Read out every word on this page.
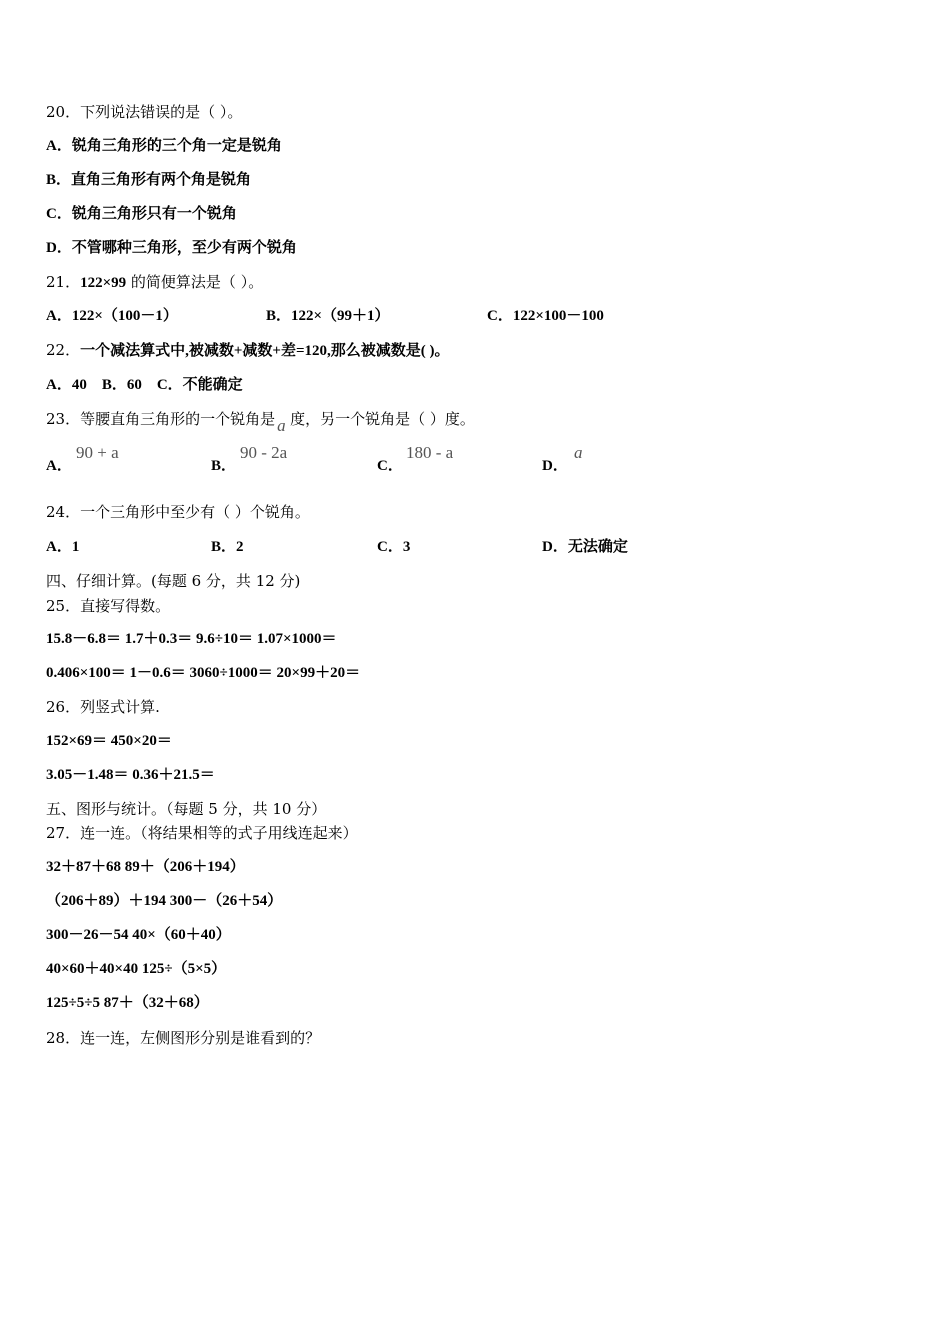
20．下列说法错误的是（ ）。
A．锐角三角形的三个角一定是锐角
B．直角三角形有两个角是锐角
C．锐角三角形只有一个锐角
D．不管哪种三角形，至少有两个锐角
21．122×99 的简便算法是（ ）。
A．122×（100－1）	B．122×（99＋1）	C．122×100－100
22．一个减法算式中,被减数+减数+差=120,那么被减数是( )。
A．40　B．60　C．不能确定
23．等腰直角三角形的一个锐角是 a 度，另一个锐角是（ ）度。
A．
90 + a
B．
90 - 2a
C．
180 - a
D．
a
24．一个三角形中至少有（ ）个锐角。
A．1	B．2	C．3	D．无法确定
四、仔细计算。(每题 6 分，共 12 分)
25．直接写得数。
15.8－6.8＝ 1.7＋0.3＝ 9.6÷10＝ 1.07×1000＝
0.406×100＝ 1－0.6＝ 3060÷1000＝ 20×99＋20＝
26．列竖式计算.
152×69＝ 450×20＝
3.05－1.48＝ 0.36＋21.5＝
五、图形与统计。（每题 5 分，共 10 分）
27．连一连。（将结果相等的式子用线连起来）
32＋87＋68 89＋（206＋194）
（206＋89）＋194 300－（26＋54）
300－26－54 40×（60＋40）
40×60＋40×40 125÷（5×5）
125÷5÷5 87＋（32＋68）
28．连一连，左侧图形分别是谁看到的？
